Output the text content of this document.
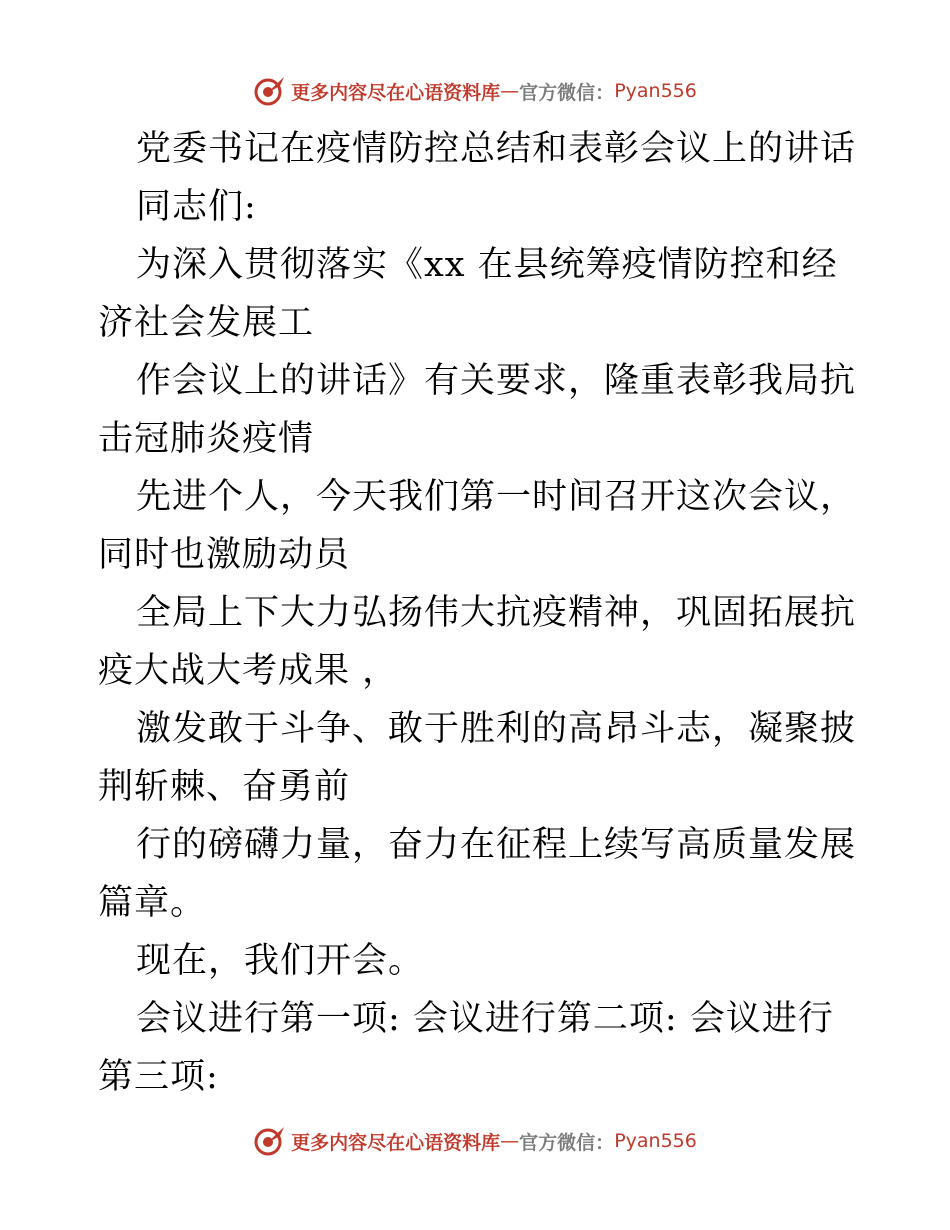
更多内容尽在心语资料库 — 官方微信： Pyan556

党委书记在疫情防控总结和表彰会议上的讲话

同志们:

为深入贯彻落实《xx 在县统筹疫情防控和经济社会发展工

作会议上的讲话》有关要求，隆重表彰我局抗击冠肺炎疫情

先进个人，今天我们第一时间召开这次会议，同时也激励动员

全局上下大力弘扬伟大抗疫精神，巩固拓展抗疫大战大考成果 ，

激发敢于斗争、敢于胜利的高昂斗志，凝聚披荆斩棘、奋勇前

行的磅礴力量，奋力在征程上续写高质量发展篇章。

现在，我们开会。

会议进行第一项: 会议进行第二项: 会议进行第三项:

更多内容尽在心语资料库 — 官方微信： Pyan556
